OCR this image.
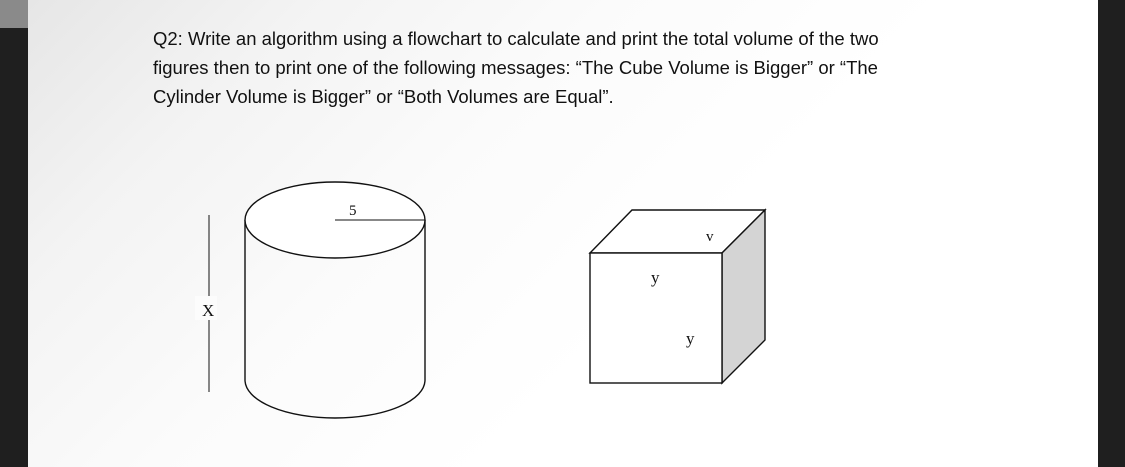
Q2: Write an algorithm using a flowchart to calculate and print the total volume of the two
figures then to print one of the following messages: “The Cube Volume is Bigger” or “The
Cylinder Volume is Bigger” or “Both Volumes are Equal”.

X
5
v
y
y
